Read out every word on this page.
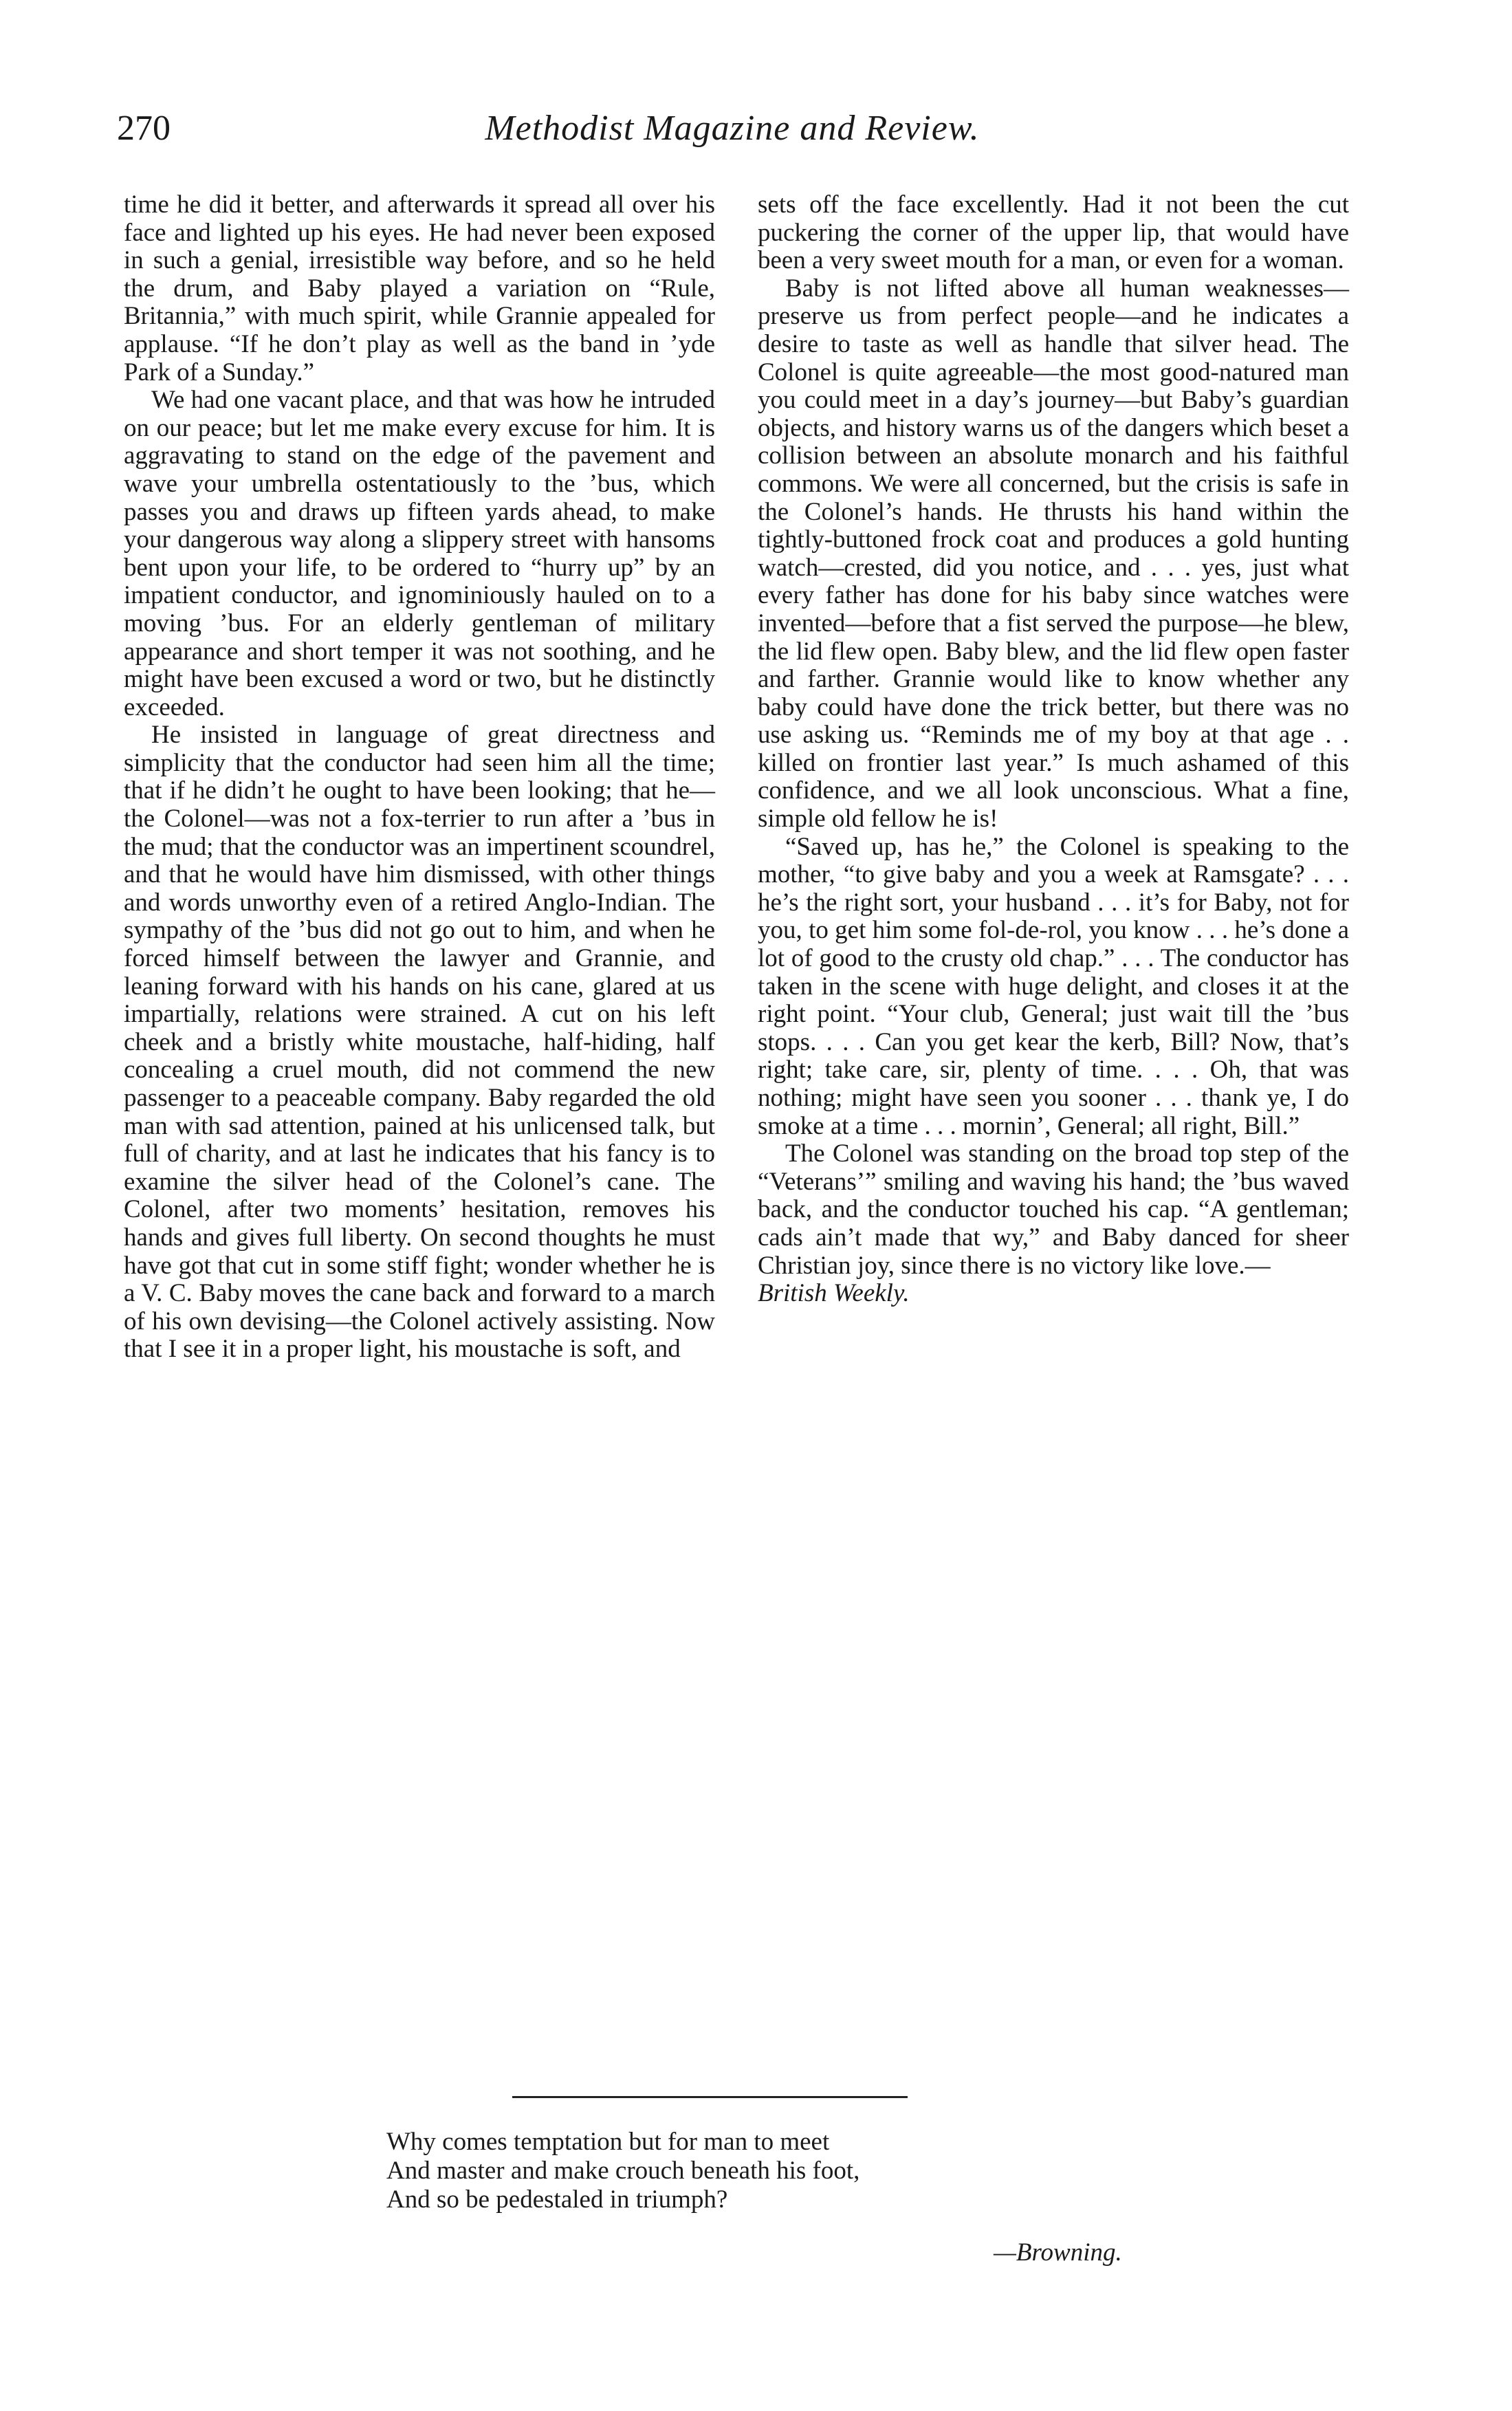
270	Methodist Magazine and Review.

time he did it better, and afterwards it spread all over his face and lighted up his eyes. He had never been exposed in such a genial, irresistible way before, and so he held the drum, and Baby played a variation on “Rule, Britannia,” with much spirit, while Grannie appealed for applause. “If he don’t play as well as the band in ’yde Park of a Sunday.”

We had one vacant place, and that was how he intruded on our peace; but let me make every excuse for him. It is aggravating to stand on the edge of the pavement and wave your umbrella ostentatiously to the ’bus, which passes you and draws up fifteen yards ahead, to make your dangerous way along a slippery street with hansoms bent upon your life, to be ordered to “hurry up” by an impatient conductor, and ignominiously hauled on to a moving ’bus. For an elderly gentleman of military appearance and short temper it was not soothing, and he might have been excused a word or two, but he distinctly exceeded.

He insisted in language of great directness and simplicity that the conductor had seen him all the time; that if he didn’t he ought to have been looking; that he—the Colonel—was not a fox-terrier to run after a ’bus in the mud; that the conductor was an impertinent scoundrel, and that he would have him dismissed, with other things and words unworthy even of a retired Anglo-Indian. The sympathy of the ’bus did not go out to him, and when he forced himself between the lawyer and Grannie, and leaning forward with his hands on his cane, glared at us impartially, relations were strained. A cut on his left cheek and a bristly white moustache, half-hiding, half concealing a cruel mouth, did not commend the new passenger to a peaceable company. Baby regarded the old man with sad attention, pained at his unlicensed talk, but full of charity, and at last he indicates that his fancy is to examine the silver head of the Colonel’s cane. The Colonel, after two moments’ hesitation, removes his hands and gives full liberty. On second thoughts he must have got that cut in some stiff fight; wonder whether he is a V. C. Baby moves the cane back and forward to a march of his own devising—the Colonel actively assisting. Now that I see it in a proper light, his moustache is soft, and

sets off the face excellently. Had it not been the cut puckering the corner of the upper lip, that would have been a very sweet mouth for a man, or even for a woman.

Baby is not lifted above all human weaknesses—preserve us from perfect people—and he indicates a desire to taste as well as handle that silver head. The Colonel is quite agreeable—the most good-natured man you could meet in a day’s journey—but Baby’s guardian objects, and history warns us of the dangers which beset a collision between an absolute monarch and his faithful commons. We were all concerned, but the crisis is safe in the Colonel’s hands. He thrusts his hand within the tightly-buttoned frock coat and produces a gold hunting watch—crested, did you notice, and . . . yes, just what every father has done for his baby since watches were invented—before that a fist served the purpose—he blew, the lid flew open. Baby blew, and the lid flew open faster and farther. Grannie would like to know whether any baby could have done the trick better, but there was no use asking us. “Reminds me of my boy at that age . . killed on frontier last year.” Is much ashamed of this confidence, and we all look unconscious. What a fine, simple old fellow he is!

“Saved up, has he,” the Colonel is speaking to the mother, “to give baby and you a week at Ramsgate? . . . he’s the right sort, your husband . . . it’s for Baby, not for you, to get him some fol-de-rol, you know . . . he’s done a lot of good to the crusty old chap.” . . . The conductor has taken in the scene with huge delight, and closes it at the right point. “Your club, General; just wait till the ’bus stops. . . . Can you get kear the kerb, Bill? Now, that’s right; take care, sir, plenty of time. . . . Oh, that was nothing; might have seen you sooner . . . thank ye, I do smoke at a time . . . mornin’, General; all right, Bill.”

The Colonel was standing on the broad top step of the “Veterans’” smiling and waving his hand; the ’bus waved back, and the conductor touched his cap. “A gentleman; cads ain’t made that wy,” and Baby danced for sheer Christian joy, since there is no victory like love.—

British Weekly.

Why comes temptation but for man to meet
And master and make crouch beneath his foot,
And so be pedestaled in triumph?
—Browning.
